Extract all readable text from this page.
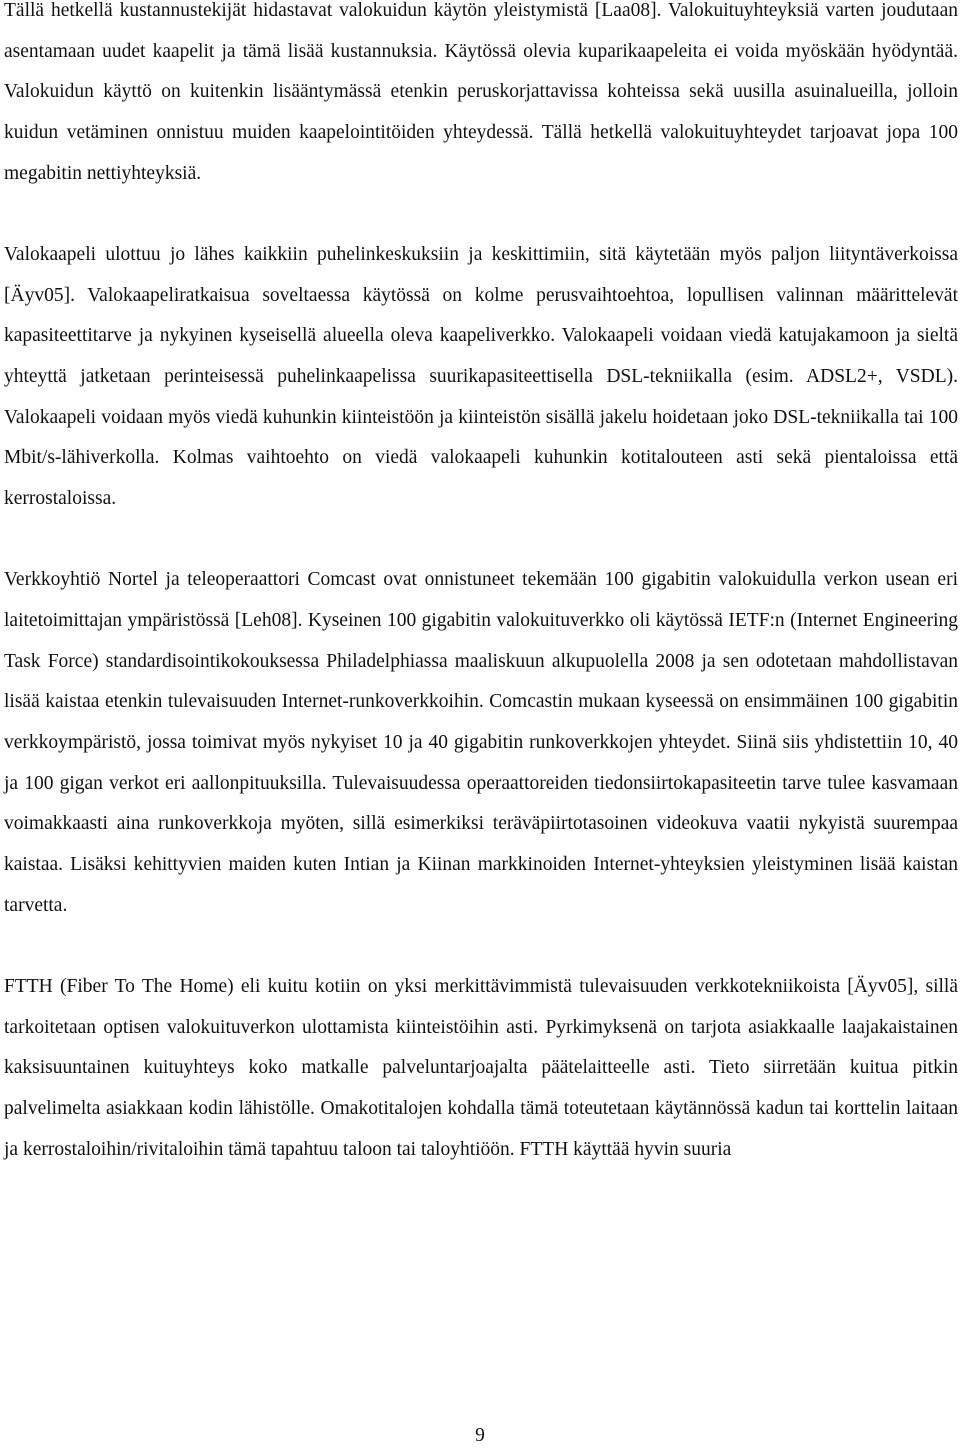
Tällä hetkellä kustannustekijät hidastavat valokuidun käytön yleistymistä [Laa08]. Valokuituyhteyksiä varten joudutaan asentamaan uudet kaapelit ja tämä lisää kustannuksia. Käytössä olevia kuparikaapeleita ei voida myöskään hyödyntää. Valokuidun käyttö on kuitenkin lisääntymässä etenkin peruskorjattavissa kohteissa sekä uusilla asuinalueilla, jolloin kuidun vetäminen onnistuu muiden kaapelointitöiden yhteydessä. Tällä hetkellä valokuituyhteydet tarjoavat jopa 100 megabitin nettiyhteyksiä.

Valokaapeli ulottuu jo lähes kaikkiin puhelinkeskuksiin ja keskittimiin, sitä käytetään myös paljon liityntäverkoissa [Äyv05]. Valokaapeliratkaisua soveltaessa käytössä on kolme perusvaihtoehtoa, lopullisen valinnan määrittelevät kapasiteettitarve ja nykyinen kyseisellä alueella oleva kaapeliverkko. Valokaapeli voidaan viedä katujakamoon ja sieltä yhteyttä jatketaan perinteisessä puhelinkaapelissa suurikapasiteettisella DSL-tekniikalla (esim. ADSL2+, VSDL). Valokaapeli voidaan myös viedä kuhunkin kiinteistöön ja kiinteistön sisällä jakelu hoidetaan joko DSL-tekniikalla tai 100 Mbit/s-lähiverkolla. Kolmas vaihtoehto on viedä valokaapeli kuhunkin kotitalouteen asti sekä pientaloissa että kerrostaloissa.

Verkkoyhtiö Nortel ja teleoperaattori Comcast ovat onnistuneet tekemään 100 gigabitin valokuidulla verkon usean eri laitetoimittajan ympäristössä [Leh08]. Kyseinen 100 gigabitin valokuituverkko oli käytössä IETF:n (Internet Engineering Task Force) standardisointikokouksessa Philadelphiassa maaliskuun alkupuolella 2008 ja sen odotetaan mahdollistavan lisää kaistaa etenkin tulevaisuuden Internet-runkoverkkoihin. Comcastin mukaan kyseessä on ensimmäinen 100 gigabitin verkkoympäristö, jossa toimivat myös nykyiset 10 ja 40 gigabitin runkoverkkojen yhteydet. Siinä siis yhdistettiin 10, 40 ja 100 gigan verkot eri aallonpituuksilla. Tulevaisuudessa operaattoreiden tiedonsiirtokapasiteetin tarve tulee kasvamaan voimakkaasti aina runkoverkkoja myöten, sillä esimerkiksi teräväpiirtotasoinen videokuva vaatii nykyistä suurempaa kaistaa. Lisäksi kehittyvien maiden kuten Intian ja Kiinan markkinoiden Internet-yhteyksien yleistyminen lisää kaistan tarvetta.

FTTH (Fiber To The Home) eli kuitu kotiin on yksi merkittävimmistä tulevaisuuden verkkotekniikoista [Äyv05], sillä tarkoitetaan optisen valokuituverkon ulottamista kiinteistöihin asti. Pyrkimyksenä on tarjota asiakkaalle laajakaistainen kaksisuuntainen kuituyhteys koko matkalle palveluntarjoajalta päätelaitteelle asti. Tieto siirretään kuitua pitkin palvelimelta asiakkaan kodin lähistölle. Omakotitalojen kohdalla tämä toteutetaan käytännössä kadun tai korttelin laitaan ja kerrostaloihin/rivitaloihin tämä tapahtuu taloon tai taloyhtiöön. FTTH käyttää hyvin suuria

9
